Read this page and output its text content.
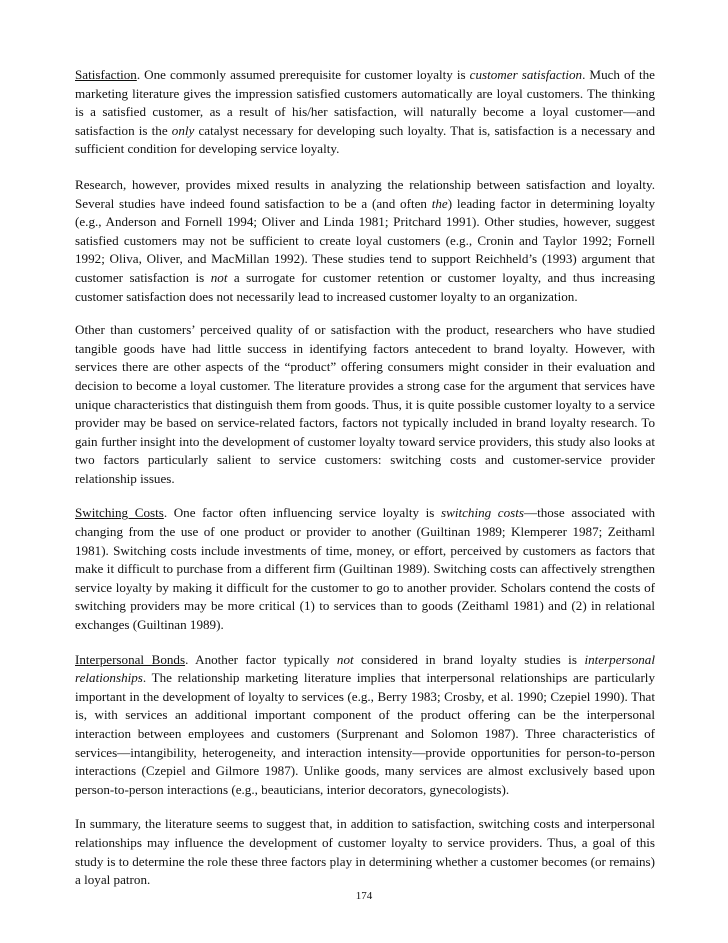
Satisfaction. One commonly assumed prerequisite for customer loyalty is customer satisfaction. Much of the marketing literature gives the impression satisfied customers automatically are loyal customers. The thinking is a satisfied customer, as a result of his/her satisfaction, will naturally become a loyal customer––and satisfaction is the only catalyst necessary for developing such loyalty. That is, satisfaction is a necessary and sufficient condition for developing service loyalty.

Research, however, provides mixed results in analyzing the relationship between satisfaction and loyalty. Several studies have indeed found satisfaction to be a (and often the) leading factor in determining loyalty (e.g., Anderson and Fornell 1994; Oliver and Linda 1981; Pritchard 1991). Other studies, however, suggest satisfied customers may not be sufficient to create loyal customers (e.g., Cronin and Taylor 1992; Fornell 1992; Oliva, Oliver, and MacMillan 1992). These studies tend to support Reichheld’s (1993) argument that customer satisfaction is not a surrogate for customer retention or customer loyalty, and thus increasing customer satisfaction does not necessarily lead to increased customer loyalty to an organization.

Other than customers’ perceived quality of or satisfaction with the product, researchers who have studied tangible goods have had little success in identifying factors antecedent to brand loyalty. However, with services there are other aspects of the “product” offering consumers might consider in their evaluation and decision to become a loyal customer. The literature provides a strong case for the argument that services have unique characteristics that distinguish them from goods. Thus, it is quite possible customer loyalty to a service provider may be based on service-related factors, factors not typically included in brand loyalty research. To gain further insight into the development of customer loyalty toward service providers, this study also looks at two factors particularly salient to service customers: switching costs and customer-service provider relationship issues.

Switching Costs. One factor often influencing service loyalty is switching costs—those associated with changing from the use of one product or provider to another (Guiltinan 1989; Klemperer 1987; Zeithaml 1981). Switching costs include investments of time, money, or effort, perceived by customers as factors that make it difficult to purchase from a different firm (Guiltinan 1989). Switching costs can affectively strengthen service loyalty by making it difficult for the customer to go to another provider. Scholars contend the costs of switching providers may be more critical (1) to services than to goods (Zeithaml 1981) and (2) in relational exchanges (Guiltinan 1989).

Interpersonal Bonds. Another factor typically not considered in brand loyalty studies is interpersonal relationships. The relationship marketing literature implies that interpersonal relationships are particularly important in the development of loyalty to services (e.g., Berry 1983; Crosby, et al. 1990; Czepiel 1990). That is, with services an additional important component of the product offering can be the interpersonal interaction between employees and customers (Surprenant and Solomon 1987). Three characteristics of services—intangibility, heterogeneity, and interaction intensity—provide opportunities for person-to-person interactions (Czepiel and Gilmore 1987). Unlike goods, many services are almost exclusively based upon person-to-person interactions (e.g., beauticians, interior decorators, gynecologists).

In summary, the literature seems to suggest that, in addition to satisfaction, switching costs and interpersonal relationships may influence the development of customer loyalty to service providers. Thus, a goal of this study is to determine the role these three factors play in determining whether a customer becomes (or remains) a loyal patron.

174
